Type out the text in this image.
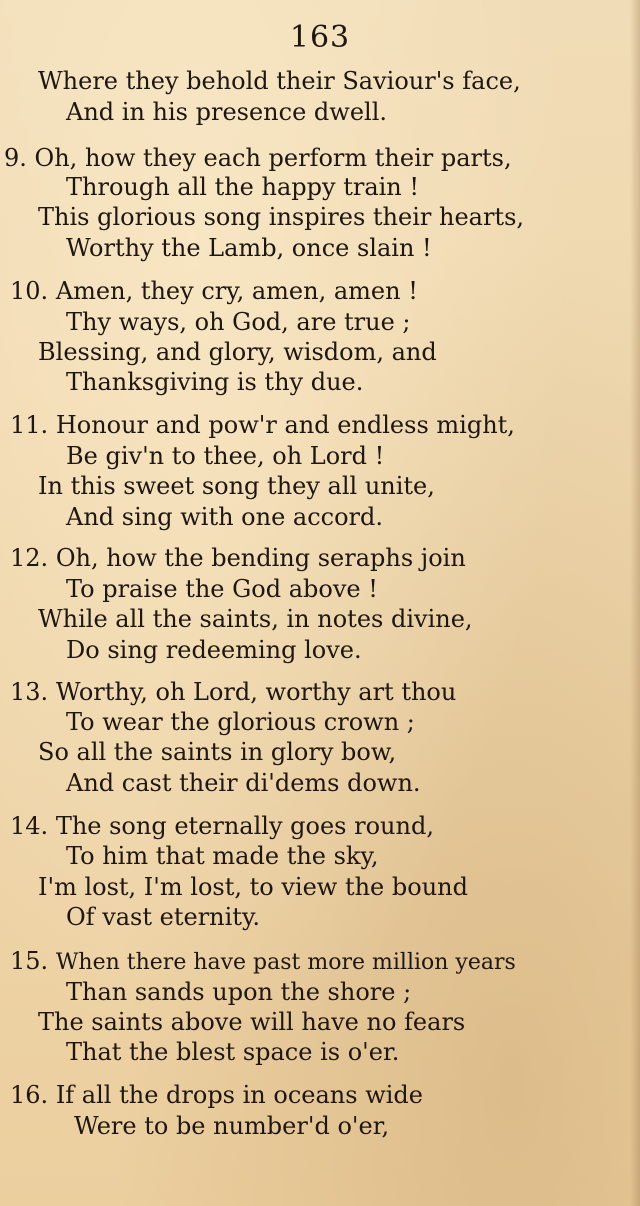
163
Where they behold their Saviour's face,
And in his presence dwell.
9. Oh, how they each perform their parts,
Through all the happy train !
This glorious song inspires their hearts,
Worthy the Lamb, once slain !
10. Amen, they cry, amen, amen !
Thy ways, oh God, are true ;
Blessing, and glory, wisdom, and
Thanksgiving is thy due.
11. Honour and pow'r and endless might,
Be giv'n to thee, oh Lord !
In this sweet song they all unite,
And sing with one accord.
12. Oh, how the bending seraphs join
To praise the God above !
While all the saints, in notes divine,
Do sing redeeming love.
13. Worthy, oh Lord, worthy art thou
To wear the glorious crown ;
So all the saints in glory bow,
And cast their di'dems down.
14. The song eternally goes round,
To him that made the sky,
I'm lost, I'm lost, to view the bound
Of vast eternity.
15. When there have past more million years
Than sands upon the shore ;
The saints above will have no fears
That the blest space is o'er.
16. If all the drops in oceans wide
Were to be number'd o'er,
